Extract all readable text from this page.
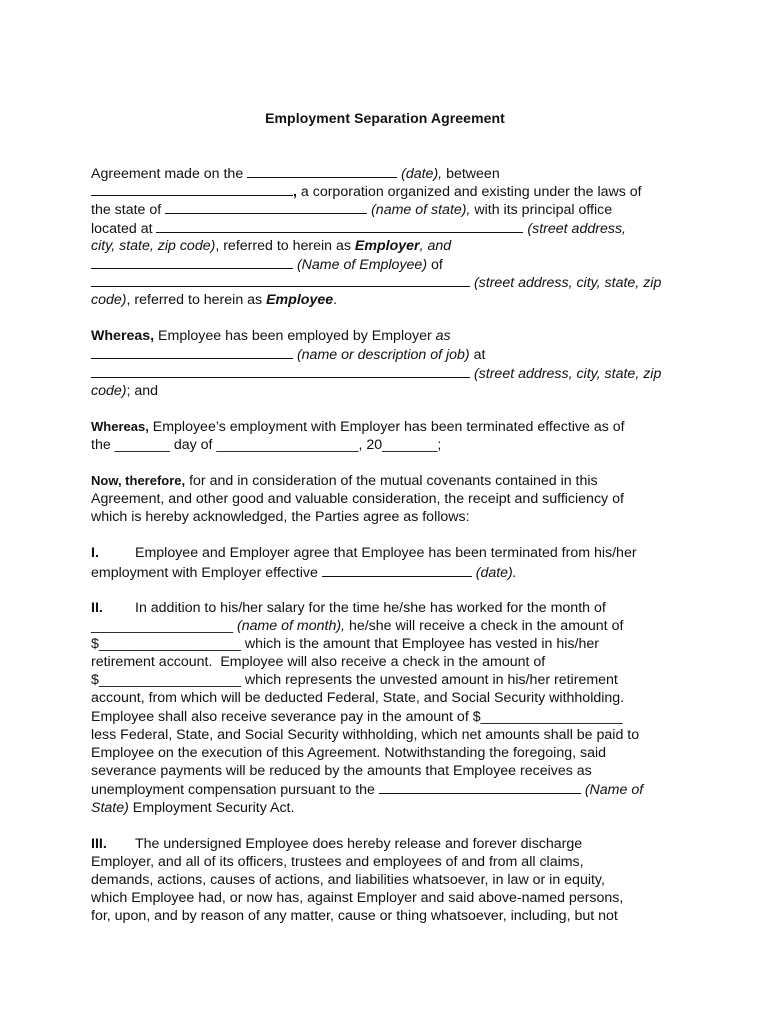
Employment Separation Agreement
Agreement made on the	(date), between
, a corporation organized and existing under the laws of
the state of	(name of state), with its principal office
located at	(street address,
city, state, zip code), referred to herein as Employer, and
(Name of Employee) of
(street address, city, state, zip
code), referred to herein as Employee.
Whereas, Employee has been employed by Employer as
(name or description of job) at
(street address, city, state, zip
code); and
Whereas, Employee’s employment with Employer has been terminated effective as of
the _______ day of __________________, 20_______;
Now, therefore, for and in consideration of the mutual covenants contained in this
Agreement, and other good and valuable consideration, the receipt and sufficiency of
which is hereby acknowledged, the Parties agree as follows:
I.	Employee and Employer agree that Employee has been terminated from his/her
employment with Employer effective	(date).
II. In addition to his/her salary for the time he/she has worked for the month of
__________________ (name of month), he/she will receive a check in the amount of
$__________________ which is the amount that Employee has vested in his/her
retirement account.  Employee will also receive a check in the amount of
$__________________ which represents the unvested amount in his/her retirement
account, from which will be deducted Federal, State, and Social Security withholding.
Employee shall also receive severance pay in the amount of $__________________
less Federal, State, and Social Security withholding, which net amounts shall be paid to
Employee on the execution of this Agreement. Notwithstanding the foregoing, said
severance payments will be reduced by the amounts that Employee receives as
unemployment compensation pursuant to the	(Name of
State) Employment Security Act.
III. The undersigned Employee does hereby release and forever discharge
Employer, and all of its officers, trustees and employees of and from all claims,
demands, actions, causes of actions, and liabilities whatsoever, in law or in equity,
which Employee had, or now has, against Employer and said above-named persons,
for, upon, and by reason of any matter, cause or thing whatsoever, including, but not
